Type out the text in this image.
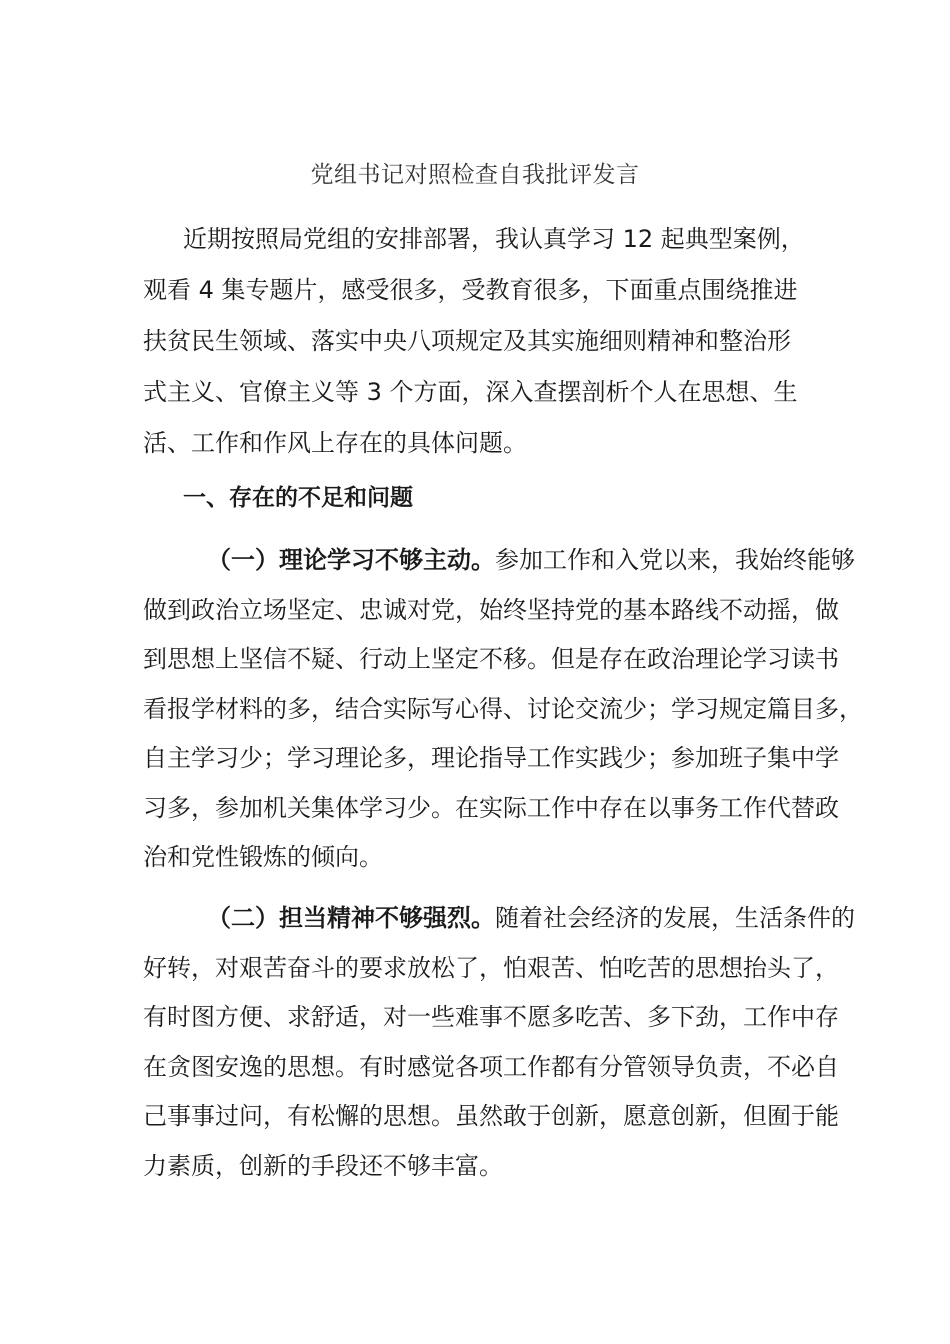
党组书记对照检查自我批评发言
近期按照局党组的安排部署，我认真学习 12 起典型案例，
观看 4 集专题片，感受很多，受教育很多，下面重点围绕推进
扶贫民生领域、落实中央八项规定及其实施细则精神和整治形
式主义、官僚主义等 3 个方面，深入查摆剖析个人在思想、生
活、工作和作风上存在的具体问题。
一、存在的不足和问题
（一）理论学习不够主动。参加工作和入党以来，我始终能够
做到政治立场坚定、忠诚对党，始终坚持党的基本路线不动摇，做
到思想上坚信不疑、行动上坚定不移。但是存在政治理论学习读书
看报学材料的多，结合实际写心得、讨论交流少；学习规定篇目多，
自主学习少；学习理论多，理论指导工作实践少；参加班子集中学
习多，参加机关集体学习少。在实际工作中存在以事务工作代替政
治和党性锻炼的倾向。
（二）担当精神不够强烈。随着社会经济的发展，生活条件的
好转，对艰苦奋斗的要求放松了，怕艰苦、怕吃苦的思想抬头了，
有时图方便、求舒适，对一些难事不愿多吃苦、多下劲，工作中存
在贪图安逸的思想。有时感觉各项工作都有分管领导负责，不必自
己事事过问，有松懈的思想。虽然敢于创新，愿意创新，但囿于能
力素质，创新的手段还不够丰富。
